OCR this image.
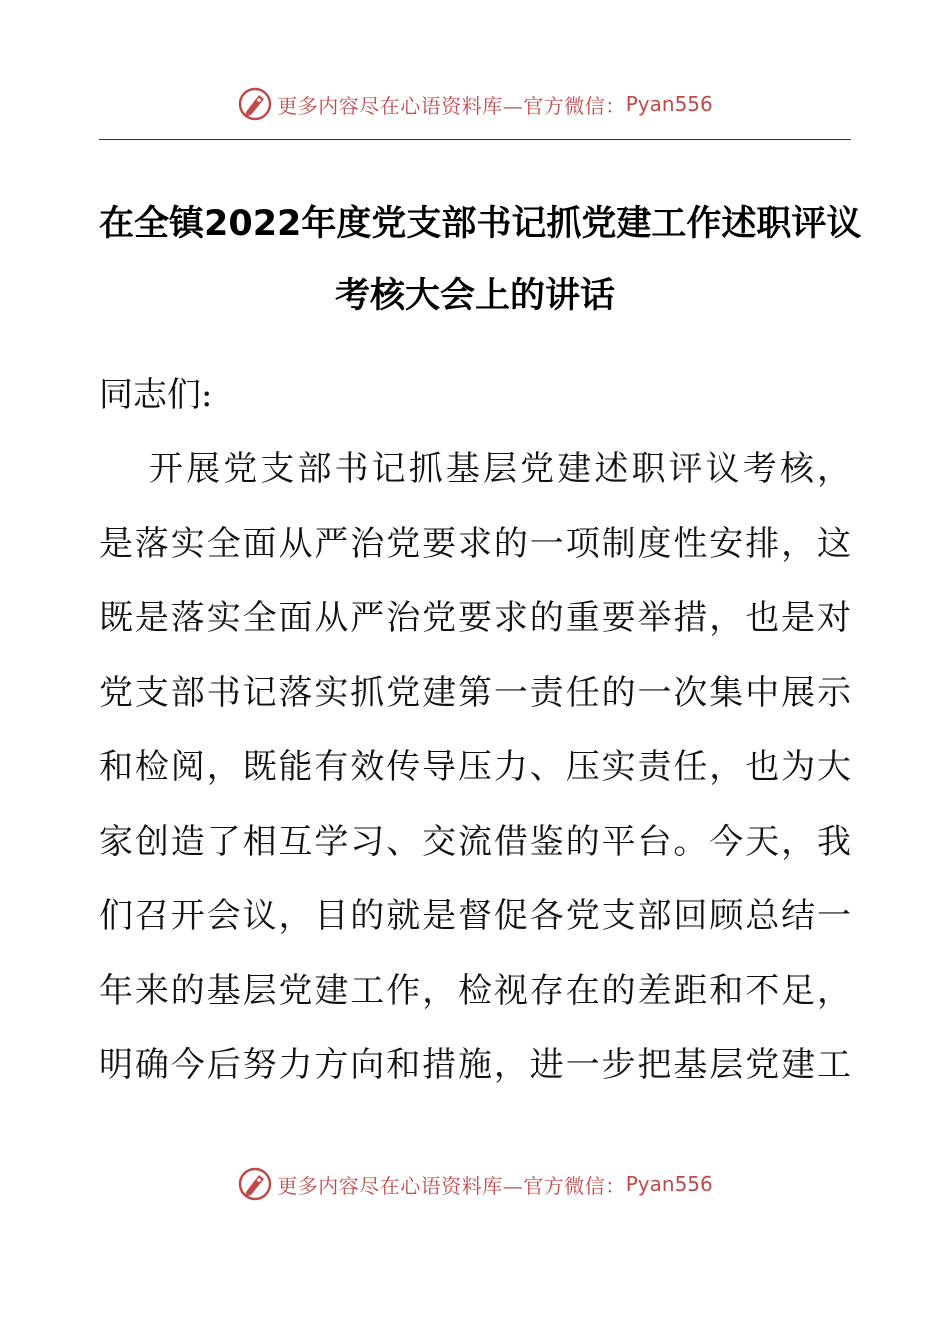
更多内容尽在心语资料库—官方微信： Pyan556
在全镇2022年度党支部书记抓党建工作述职评议
考核大会上的讲话

同志们:

开展党支部书记抓基层党建述职评议考核，

是落实全面从严治党要求的一项制度性安排，这

既是落实全面从严治党要求的重要举措，也是对

党支部书记落实抓党建第一责任的一次集中展示

和检阅，既能有效传导压力、压实责任，也为大

家创造了相互学习、交流借鉴的平台。今天，我

们召开会议，目的就是督促各党支部回顾总结一

年来的基层党建工作，检视存在的差距和不足，

明确今后努力方向和措施，进一步把基层党建工

更多内容尽在心语资料库—官方微信： Pyan556
